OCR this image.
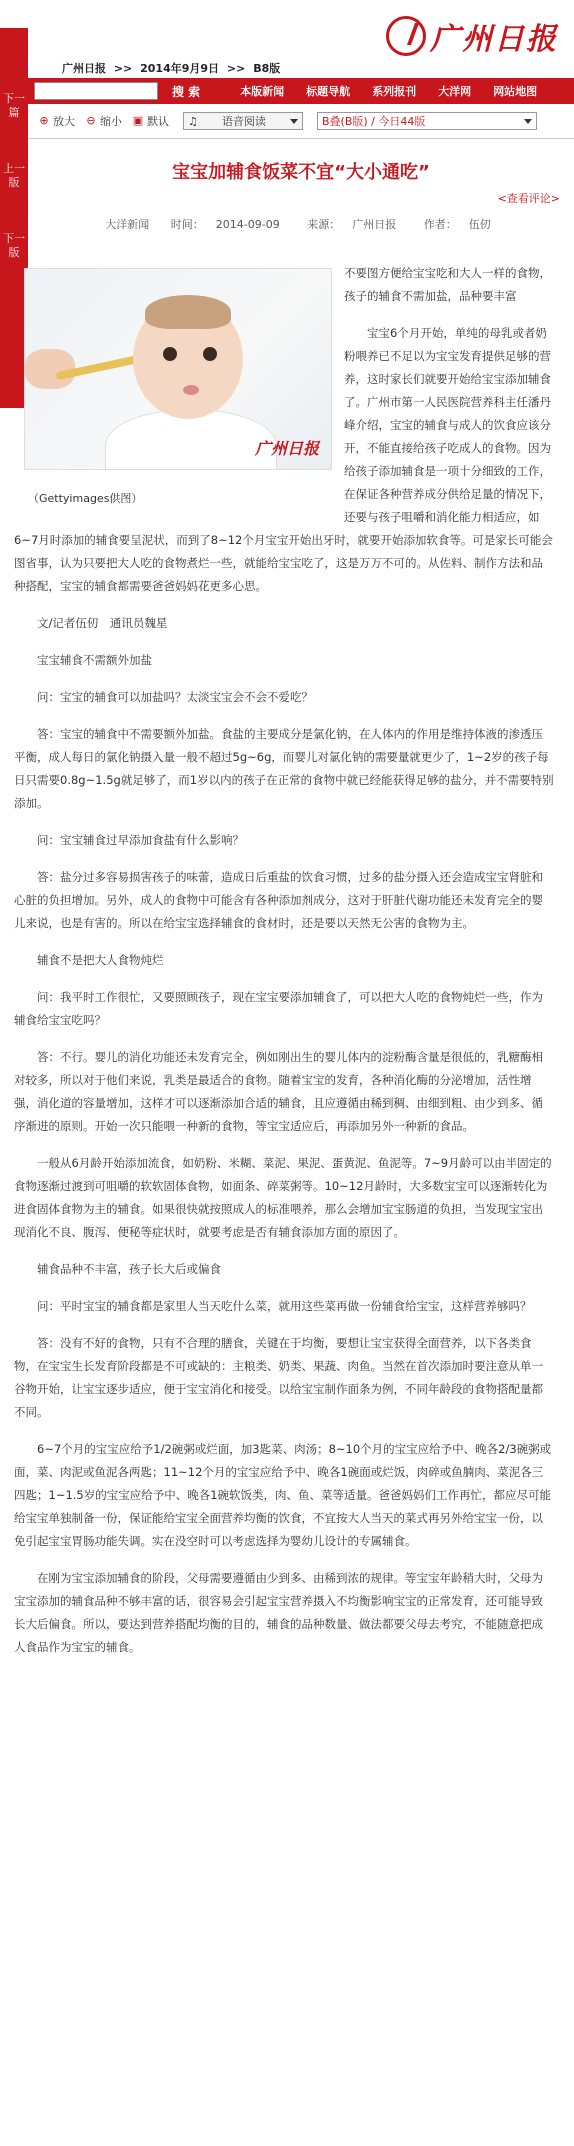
下一篇
上一版
下一版
广州日报
广州日报 >> 2014年9月9日 >> B8版
搜 索	本版新闻 标题导航 系列报刊 大洋网 网站地图
⊕ 放大 ⊖ 缩小 ▣ 默认 ♫ 语音阅读	B叠(B版) / 今日44版
宝宝加辅食饭菜不宜“大小通吃”
<查看评论>
大洋新闻 时间： 2014-09-09	来源： 广州日报	作者： 伍仞

不要图方便给宝宝吃和大人一样的食物，孩子的辅食不需加盐，品种要丰富

宝宝6个月开始，单纯的母乳或者奶粉喂养已不足以为宝宝发育提供足够的营养，这时家长们就要开始给宝宝添加辅食了。广州市第一人民医院营养科主任潘丹峰介绍，宝宝的辅食与成人的饮食应该分开，不能直接给孩子吃成人的食物。因为给孩子添加辅食是一项十分细致的工作，在保证各种营养成分供给足量的情况下，还要与孩子咀嚼和消化能力相适应，如6~7月时添加的辅食要呈泥状，而到了8~12个月宝宝开始出牙时，就要开始添加软食等。可是家长可能会图省事，认为只要把大人吃的食物煮烂一些，就能给宝宝吃了，这是万万不可的。从佐料、制作方法和品种搭配，宝宝的辅食都需要爸爸妈妈花更多心思。

文/记者伍仞　通讯员魏星

宝宝辅食不需额外加盐

问：宝宝的辅食可以加盐吗？太淡宝宝会不会不爱吃？

答：宝宝的辅食中不需要额外加盐。食盐的主要成分是氯化钠，在人体内的作用是维持体液的渗透压平衡，成人每日的氯化钠摄入量一般不超过5g~6g，而婴儿对氯化钠的需要量就更少了，1~2岁的孩子每日只需要0.8g~1.5g就足够了，而1岁以内的孩子在正常的食物中就已经能获得足够的盐分，并不需要特别添加。

问：宝宝辅食过早添加食盐有什么影响？

答：盐分过多容易损害孩子的味蕾，造成日后重盐的饮食习惯，过多的盐分摄入还会造成宝宝肾脏和心脏的负担增加。另外，成人的食物中可能含有各种添加剂成分，这对于肝脏代谢功能还未发育完全的婴儿来说，也是有害的。所以在给宝宝选择辅食的食材时，还是要以天然无公害的食物为主。

辅食不是把大人食物炖烂

问：我平时工作很忙，又要照顾孩子，现在宝宝要添加辅食了，可以把大人吃的食物炖烂一些，作为辅食给宝宝吃吗？

答：不行。婴儿的消化功能还未发育完全，例如刚出生的婴儿体内的淀粉酶含量是很低的，乳糖酶相对较多，所以对于他们来说，乳类是最适合的食物。随着宝宝的发育，各种消化酶的分泌增加，活性增强，消化道的容量增加，这样才可以逐渐添加合适的辅食，且应遵循由稀到稠、由细到粗、由少到多、循序渐进的原则。开始一次只能喂一种新的食物，等宝宝适应后，再添加另外一种新的食品。

一般从6月龄开始添加流食，如奶粉、米糊、菜泥、果泥、蛋黄泥、鱼泥等。7~9月龄可以由半固定的食物逐渐过渡到可咀嚼的软软固体食物，如面条、碎菜粥等。10~12月龄时，大多数宝宝可以逐渐转化为进食固体食物为主的辅食。如果很快就按照成人的标准喂养，那么会增加宝宝肠道的负担，当发现宝宝出现消化不良、腹泻、便秘等症状时，就要考虑是否有辅食添加方面的原因了。

辅食品种不丰富，孩子长大后或偏食

问：平时宝宝的辅食都是家里人当天吃什么菜，就用这些菜再做一份辅食给宝宝，这样营养够吗？

答：没有不好的食物，只有不合理的膳食，关键在于均衡，要想让宝宝获得全面营养，以下各类食物，在宝宝生长发育阶段都是不可或缺的：主粮类、奶类、果蔬、肉鱼。当然在首次添加时要注意从单一谷物开始，让宝宝逐步适应，便于宝宝消化和接受。以给宝宝制作面条为例，不同年龄段的食物搭配量都不同。

6~7个月的宝宝应给予1/2碗粥或烂面，加3匙菜、肉汤；8~10个月的宝宝应给予中、晚各2/3碗粥或面，菜、肉泥或鱼泥各两匙；11~12个月的宝宝应给予中、晚各1碗面或烂饭，肉碎或鱼腩肉、菜泥各三四匙；1~1.5岁的宝宝应给予中、晚各1碗软饭类，肉、鱼、菜等适量。爸爸妈妈们工作再忙，都应尽可能给宝宝单独制备一份，保证能给宝宝全面营养均衡的饮食，不宜按大人当天的菜式再另外给宝宝一份，以免引起宝宝胃肠功能失调。实在没空时可以考虑选择为婴幼儿设计的专属辅食。

在刚为宝宝添加辅食的阶段，父母需要遵循由少到多、由稀到浓的规律。等宝宝年龄稍大时，父母为宝宝添加的辅食品种不够丰富的话，很容易会引起宝宝营养摄入不均衡影响宝宝的正常发育，还可能导致长大后偏食。所以，要达到营养搭配均衡的目的，辅食的品种数量、做法都要父母去考究，不能随意把成人食品作为宝宝的辅食。

广州日报
（Gettyimages供图）
